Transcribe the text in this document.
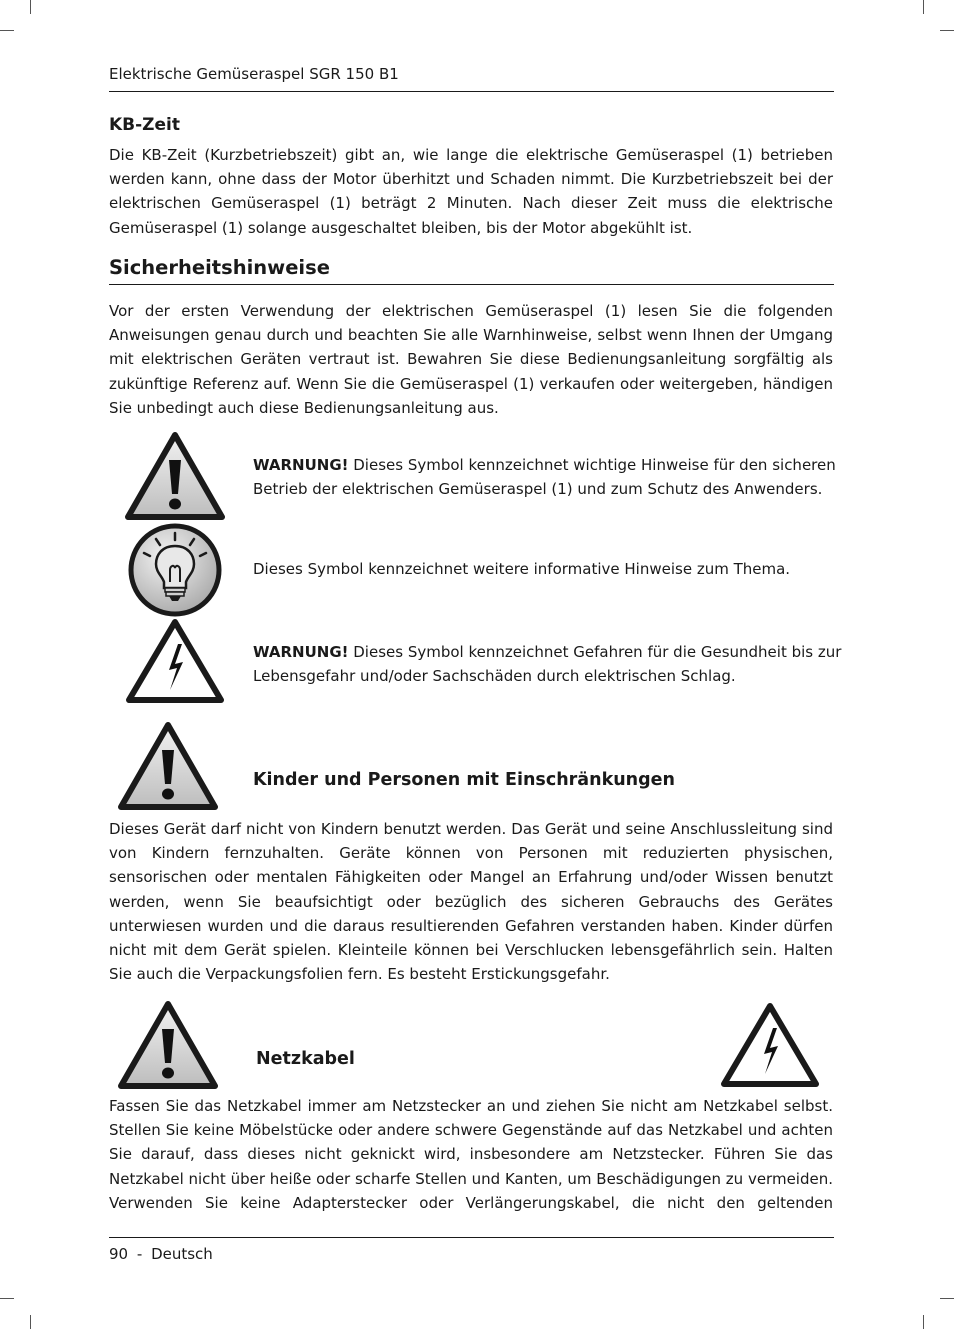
Elektrische Gemüseraspel SGR 150 B1
KB-Zeit

Die KB-Zeit (Kurzbetriebszeit) gibt an, wie lange die elektrische Gemüseraspel (1) betrieben werden kann, ohne dass der Motor überhitzt und Schaden nimmt. Die Kurzbetriebszeit bei der elektrischen Gemüseraspel (1) beträgt 2 Minuten. Nach dieser Zeit muss die elektrische Gemüseraspel (1) solange ausgeschaltet bleiben, bis der Motor abgekühlt ist.

Sicherheitshinweise

Vor der ersten Verwendung der elektrischen Gemüseraspel (1) lesen Sie die folgenden Anweisungen genau durch und beachten Sie alle Warnhinweise, selbst wenn Ihnen der Umgang mit elektrischen Geräten vertraut ist. Bewahren Sie diese Bedienungsanleitung sorgfältig als zukünftige Referenz auf. Wenn Sie die Gemüseraspel (1) verkaufen oder weitergeben, händigen Sie unbedingt auch diese Bedienungsanleitung aus.

WARNUNG! Dieses Symbol kennzeichnet wichtige Hinweise für den sicheren Betrieb der elektrischen Gemüseraspel (1) und zum Schutz des Anwenders.

Dieses Symbol kennzeichnet weitere informative Hinweise zum Thema.

WARNUNG! Dieses Symbol kennzeichnet Gefahren für die Gesundheit bis zur Lebensgefahr und/oder Sachschäden durch elektrischen Schlag.

Kinder und Personen mit Einschränkungen

Dieses Gerät darf nicht von Kindern benutzt werden. Das Gerät und seine Anschlussleitung sind von Kindern fernzuhalten. Geräte können von Personen mit reduzierten physischen, sensorischen oder mentalen Fähigkeiten oder Mangel an Erfahrung und/oder Wissen benutzt werden, wenn Sie beaufsichtigt oder bezüglich des sicheren Gebrauchs des Gerätes unterwiesen wurden und die daraus resultierenden Gefahren verstanden haben. Kinder dürfen nicht mit dem Gerät spielen. Kleinteile können bei Verschlucken lebensgefährlich sein. Halten Sie auch die Verpackungsfolien fern. Es besteht Erstickungsgefahr.

Netzkabel

Fassen Sie das Netzkabel immer am Netzstecker an und ziehen Sie nicht am Netzkabel selbst. Stellen Sie keine Möbelstücke oder andere schwere Gegenstände auf das Netzkabel und achten Sie darauf, dass dieses nicht geknickt wird, insbesondere am Netzstecker. Führen Sie das Netzkabel nicht über heiße oder scharfe Stellen und Kanten, um Beschädigungen zu vermeiden. Verwenden Sie keine Adapterstecker oder Verlängerungskabel, die nicht den geltenden

90 - Deutsch
